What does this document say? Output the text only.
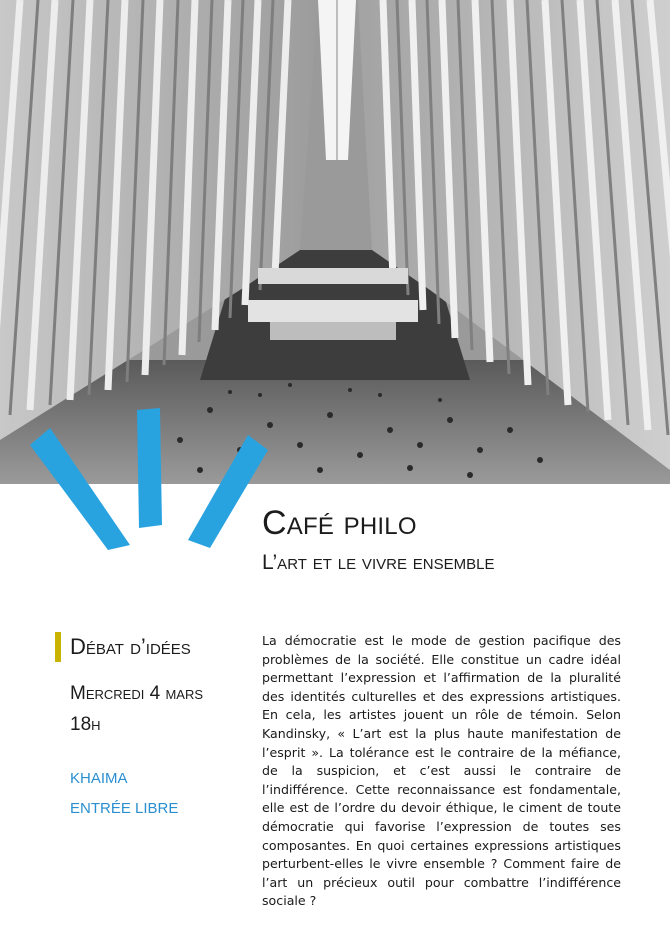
Café philo
L’art et le vivre ensemble
Débat d’idées
Mercredi 4 mars
18h
KHAIMA
ENTRÉE LIBRE
La démocratie est le mode de gestion pacifique des problèmes de la société. Elle constitue un cadre idéal permettant l’expression et l’affirmation de la pluralité des identités culturelles et des expressions artistiques. En cela, les artistes jouent un rôle de témoin. Selon Kandinsky, « L’art est la plus haute manifestation de l’esprit ». La tolérance est le contraire de la méfiance, de la suspicion, et c’est aussi le contraire de l’indifférence. Cette reconnaissance est fondamentale, elle est de l’ordre du devoir éthique, le ciment de toute démocratie qui favorise l’expression de toutes ses composantes. En quoi certaines expressions artistiques perturbent-elles le vivre ensemble ? Comment faire de l’art un précieux outil pour combattre l’indifférence sociale ?
